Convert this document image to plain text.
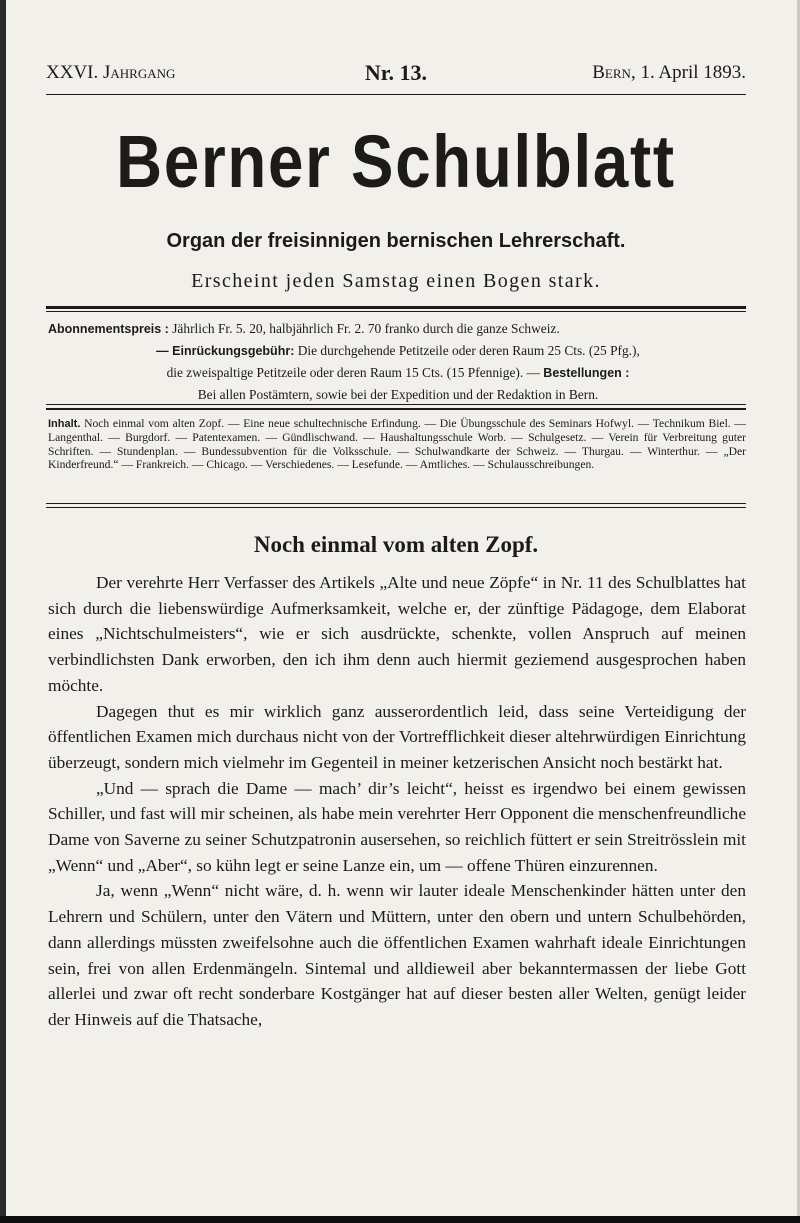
XXVI. Jahrgang	Nr. 13.	Bern, 1. April 1893.
Berner Schulblatt
Organ der freisinnigen bernischen Lehrerschaft.
Erscheint jeden Samstag einen Bogen stark.

Abonnementspreis : Jährlich Fr. 5. 20, halbjährlich Fr. 2. 70 franko durch die ganze Schweiz.

— Einrückungsgebühr: Die durchgehende Petitzeile oder deren Raum 25 Cts. (25 Pfg.),

die zweispaltige Petitzeile oder deren Raum 15 Cts. (15 Pfennige). — Bestellungen :

Bei allen Postämtern, sowie bei der Expedition und der Redaktion in Bern.

Inhalt. Noch einmal vom alten Zopf. — Eine neue schultechnische Erfindung. — Die Übungsschule des Seminars Hofwyl. — Technikum Biel. — Langenthal. — Burgdorf. — Patentexamen. — Gündlischwand. — Haushaltungsschule Worb. — Schulgesetz. — Verein für Verbreitung guter Schriften. — Stundenplan. — Bundessubvention für die Volksschule. — Schulwandkarte der Schweiz. — Thurgau. — Winterthur. — „Der Kinderfreund.“ — Frankreich. — Chicago. — Verschiedenes. — Lesefunde. — Amtliches. — Schulausschreibungen.
Noch einmal vom alten Zopf.

Der verehrte Herr Verfasser des Artikels „Alte und neue Zöpfe“ in Nr. 11 des Schulblattes hat sich durch die liebenswürdige Aufmerksamkeit, welche er, der zünftige Pädagoge, dem Elaborat eines „Nichtschulmeisters“, wie er sich ausdrückte, schenkte, vollen Anspruch auf meinen verbindlichsten Dank erworben, den ich ihm denn auch hiermit geziemend ausgesprochen haben möchte.

Dagegen thut es mir wirklich ganz ausserordentlich leid, dass seine Verteidigung der öffentlichen Examen mich durchaus nicht von der Vortrefflichkeit dieser altehrwürdigen Einrichtung überzeugt, sondern mich vielmehr im Gegenteil in meiner ketzerischen Ansicht noch bestärkt hat.

„Und — sprach die Dame — mach’ dir’s leicht“, heisst es irgendwo bei einem gewissen Schiller, und fast will mir scheinen, als habe mein verehrter Herr Opponent die menschenfreundliche Dame von Saverne zu seiner Schutzpatronin ausersehen, so reichlich füttert er sein Streitrösslein mit „Wenn“ und „Aber“, so kühn legt er seine Lanze ein, um — offene Thüren einzurennen.

Ja, wenn „Wenn“ nicht wäre, d. h. wenn wir lauter ideale Menschenkinder hätten unter den Lehrern und Schülern, unter den Vätern und Müttern, unter den obern und untern Schulbehörden, dann allerdings müssten zweifelsohne auch die öffentlichen Examen wahrhaft ideale Einrichtungen sein, frei von allen Erdenmängeln. Sintemal und alldieweil aber bekanntermassen der liebe Gott allerlei und zwar oft recht sonderbare Kostgänger hat auf dieser besten aller Welten, genügt leider der Hinweis auf die Thatsache,
